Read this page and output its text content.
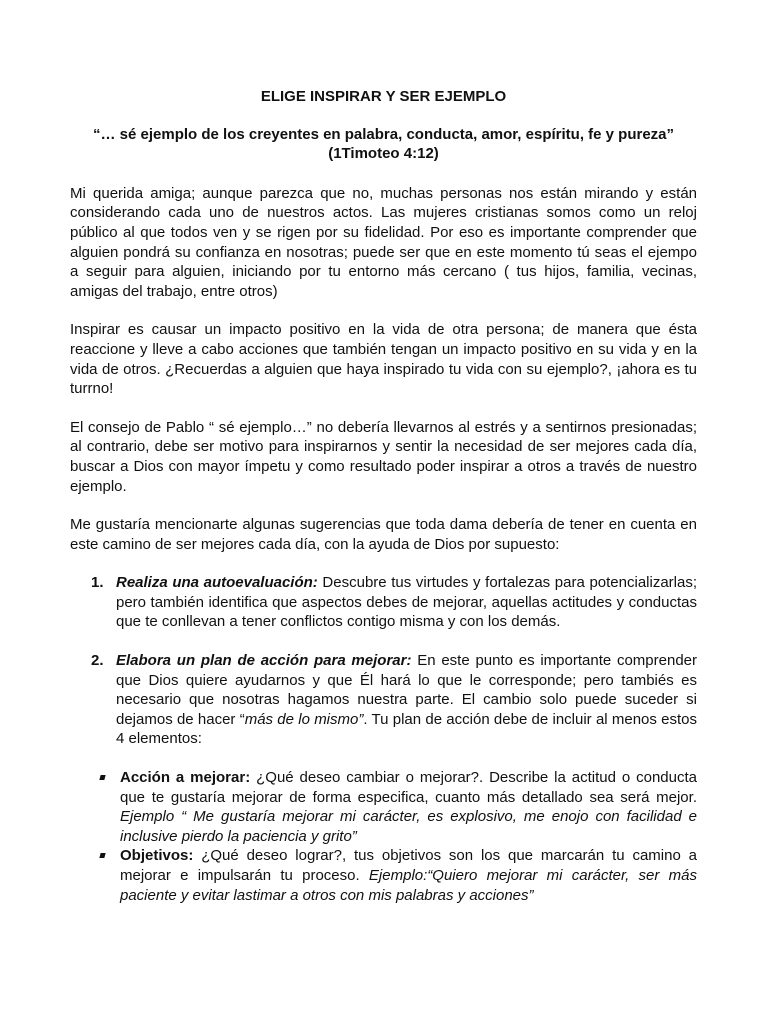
ELIGE INSPIRAR Y SER EJEMPLO

“… sé ejemplo de los creyentes en palabra, conducta, amor, espíritu, fe y pureza”
(1Timoteo 4:12)

Mi querida amiga; aunque parezca que no, muchas personas nos están mirando y están considerando cada uno de nuestros actos. Las mujeres cristianas somos como un reloj público al que todos ven y se rigen por su fidelidad. Por eso es importante comprender que alguien pondrá su confianza en nosotras; puede ser que en este momento tú seas el ejempo a seguir para alguien, iniciando por tu entorno más cercano ( tus hijos, familia, vecinas, amigas del trabajo, entre otros)

Inspirar es causar un impacto positivo en la vida de otra persona; de manera que ésta reaccione y lleve a cabo acciones que también tengan un impacto positivo en su vida y en la vida de otros. ¿Recuerdas a alguien que haya inspirado tu vida con su ejemplo?, ¡ahora es tu turrno!

El consejo de Pablo “ sé ejemplo…” no debería llevarnos al estrés y a sentirnos presionadas; al contrario, debe ser motivo para inspirarnos y sentir la necesidad de ser mejores cada día, buscar a Dios con mayor ímpetu y como resultado poder inspirar a otros a través de nuestro ejemplo.

Me gustaría mencionarte algunas sugerencias que toda dama debería de tener en cuenta en este camino de ser mejores cada día, con la ayuda de Dios por supuesto:

1. Realiza una autoevaluación: Descubre tus virtudes y fortalezas para potencializarlas; pero también identifica que aspectos debes de mejorar, aquellas actitudes y conductas que te conllevan a tener conflictos contigo misma y con los demás.
2. Elabora un plan de acción para mejorar: En este punto es importante comprender que Dios quiere ayudarnos y que Él hará lo que le corresponde; pero tambiés es necesario que nosotras hagamos nuestra parte. El cambio solo puede suceder si dejamos de hacer “más de lo mismo”. Tu plan de acción debe de incluir al menos estos 4 elementos:
Acción a mejorar: ¿Qué deseo cambiar o mejorar?. Describe la actitud o conducta que te gustaría mejorar de forma especifica, cuanto más detallado sea será mejor. Ejemplo “ Me gustaría mejorar mi carácter, es explosivo, me enojo con facilidad e inclusive pierdo la paciencia y grito”
Objetivos: ¿Qué deseo lograr?, tus objetivos son los que marcarán tu camino a mejorar e impulsarán tu proceso. Ejemplo:“Quiero mejorar mi carácter, ser más paciente y evitar lastimar a otros con mis palabras y acciones”
